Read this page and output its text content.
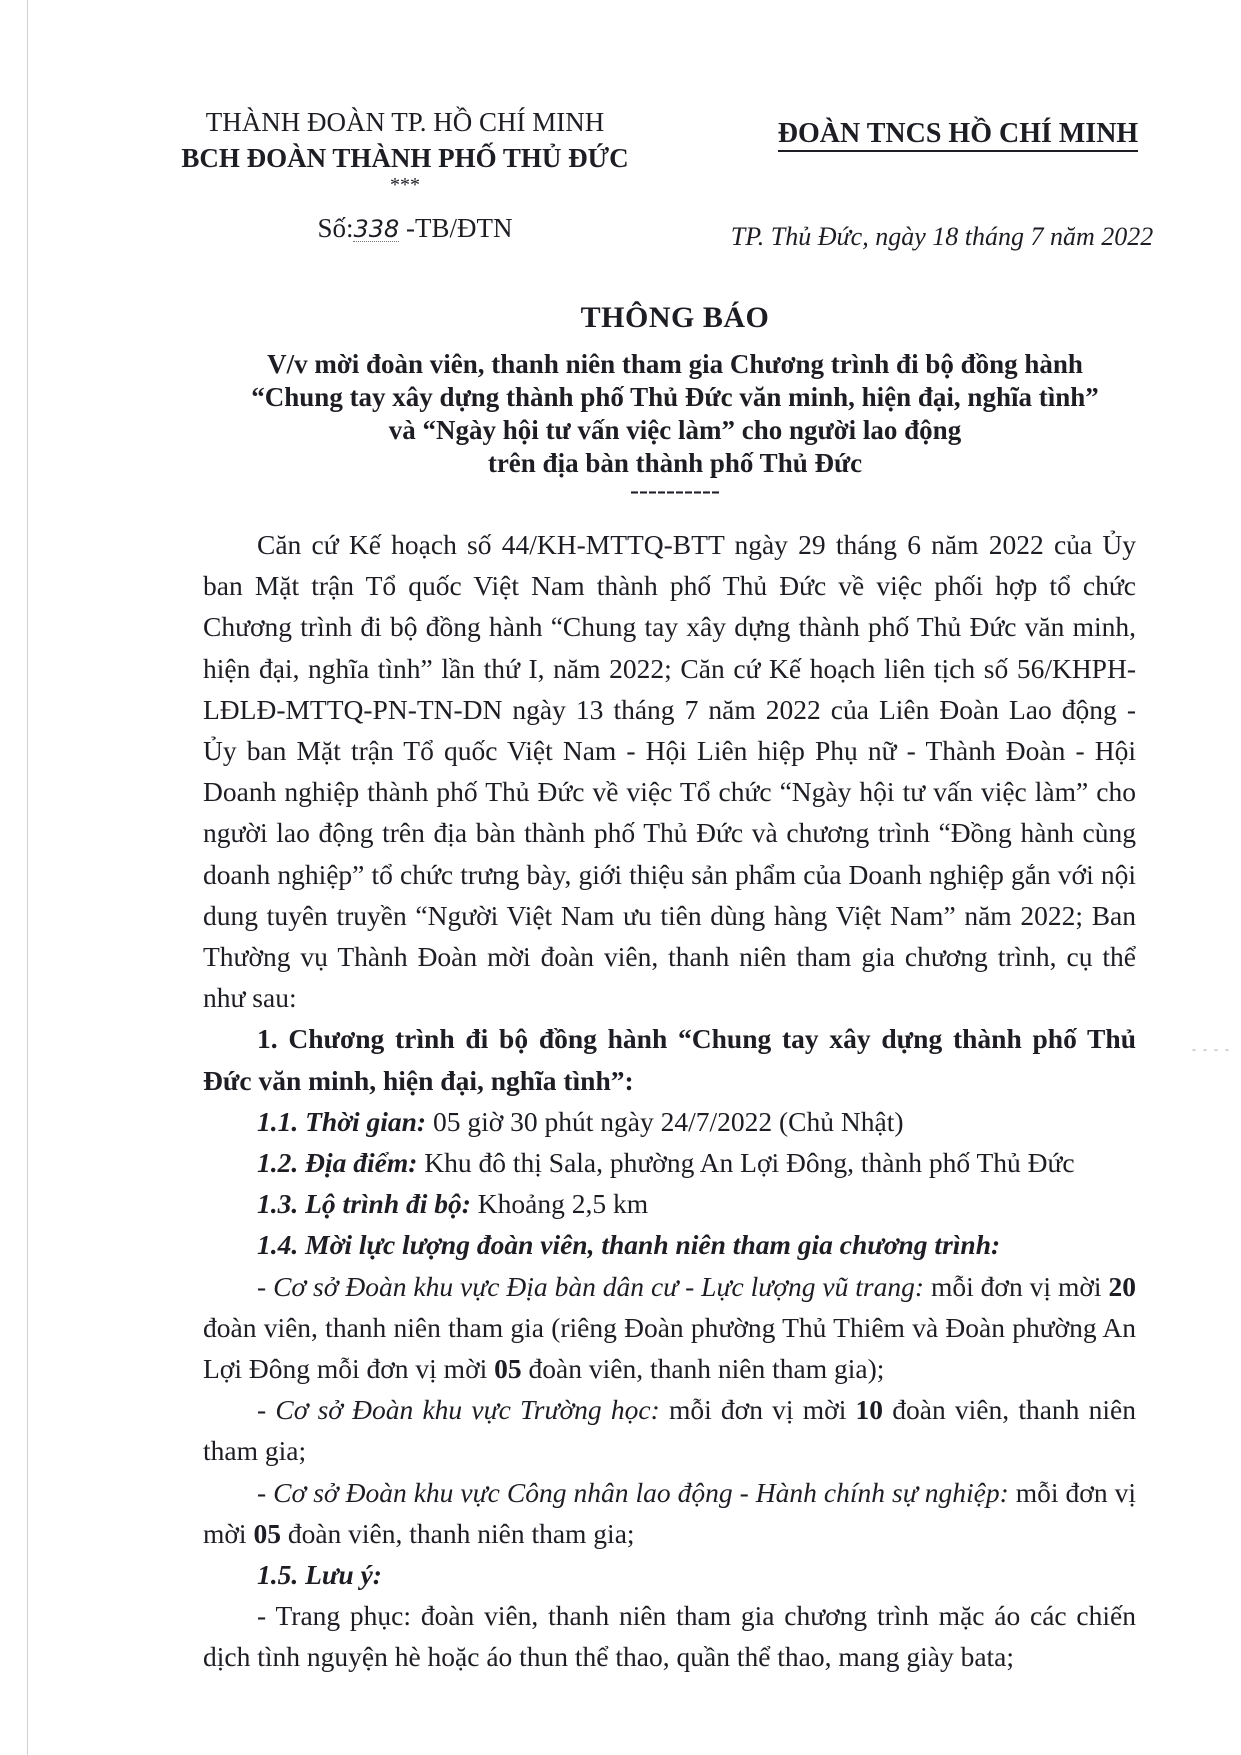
- - - -
THÀNH ĐOÀN TP. HỒ CHÍ MINH
BCH ĐOÀN THÀNH PHỐ THỦ ĐỨC
***
Số:338 -TB/ĐTN
ĐOÀN TNCS HỒ CHÍ MINH
TP. Thủ Đức, ngày 18 tháng 7 năm 2022
THÔNG BÁO
V/v mời đoàn viên, thanh niên tham gia Chương trình đi bộ đồng hành
“Chung tay xây dựng thành phố Thủ Đức văn minh, hiện đại, nghĩa tình”
và “Ngày hội tư vấn việc làm” cho người lao động
trên địa bàn thành phố Thủ Đức
----------

Căn cứ Kế hoạch số 44/KH-MTTQ-BTT ngày 29 tháng 6 năm 2022 của Ủy ban Mặt trận Tổ quốc Việt Nam thành phố Thủ Đức về việc phối hợp tổ chức Chương trình đi bộ đồng hành “Chung tay xây dựng thành phố Thủ Đức văn minh, hiện đại, nghĩa tình” lần thứ I, năm 2022; Căn cứ Kế hoạch liên tịch số 56/KHPH-LĐLĐ-MTTQ-PN-TN-DN ngày 13 tháng 7 năm 2022 của Liên Đoàn Lao động - Ủy ban Mặt trận Tổ quốc Việt Nam - Hội Liên hiệp Phụ nữ - Thành Đoàn - Hội Doanh nghiệp thành phố Thủ Đức về việc Tổ chức “Ngày hội tư vấn việc làm” cho người lao động trên địa bàn thành phố Thủ Đức và chương trình “Đồng hành cùng doanh nghiệp” tổ chức trưng bày, giới thiệu sản phẩm của Doanh nghiệp gắn với nội dung tuyên truyền “Người Việt Nam ưu tiên dùng hàng Việt Nam” năm 2022; Ban Thường vụ Thành Đoàn mời đoàn viên, thanh niên tham gia chương trình, cụ thể như sau:

1. Chương trình đi bộ đồng hành “Chung tay xây dựng thành phố Thủ Đức văn minh, hiện đại, nghĩa tình”:

1.1. Thời gian: 05 giờ 30 phút ngày 24/7/2022 (Chủ Nhật)

1.2. Địa điểm: Khu đô thị Sala, phường An Lợi Đông, thành phố Thủ Đức

1.3. Lộ trình đi bộ: Khoảng 2,5 km

1.4. Mời lực lượng đoàn viên, thanh niên tham gia chương trình:

- Cơ sở Đoàn khu vực Địa bàn dân cư - Lực lượng vũ trang: mỗi đơn vị mời 20 đoàn viên, thanh niên tham gia (riêng Đoàn phường Thủ Thiêm và Đoàn phường An Lợi Đông mỗi đơn vị mời 05 đoàn viên, thanh niên tham gia);

- Cơ sở Đoàn khu vực Trường học: mỗi đơn vị mời 10 đoàn viên, thanh niên tham gia;

- Cơ sở Đoàn khu vực Công nhân lao động - Hành chính sự nghiệp: mỗi đơn vị mời 05 đoàn viên, thanh niên tham gia;

1.5. Lưu ý:

- Trang phục: đoàn viên, thanh niên tham gia chương trình mặc áo các chiến dịch tình nguyện hè hoặc áo thun thể thao, quần thể thao, mang giày bata;
